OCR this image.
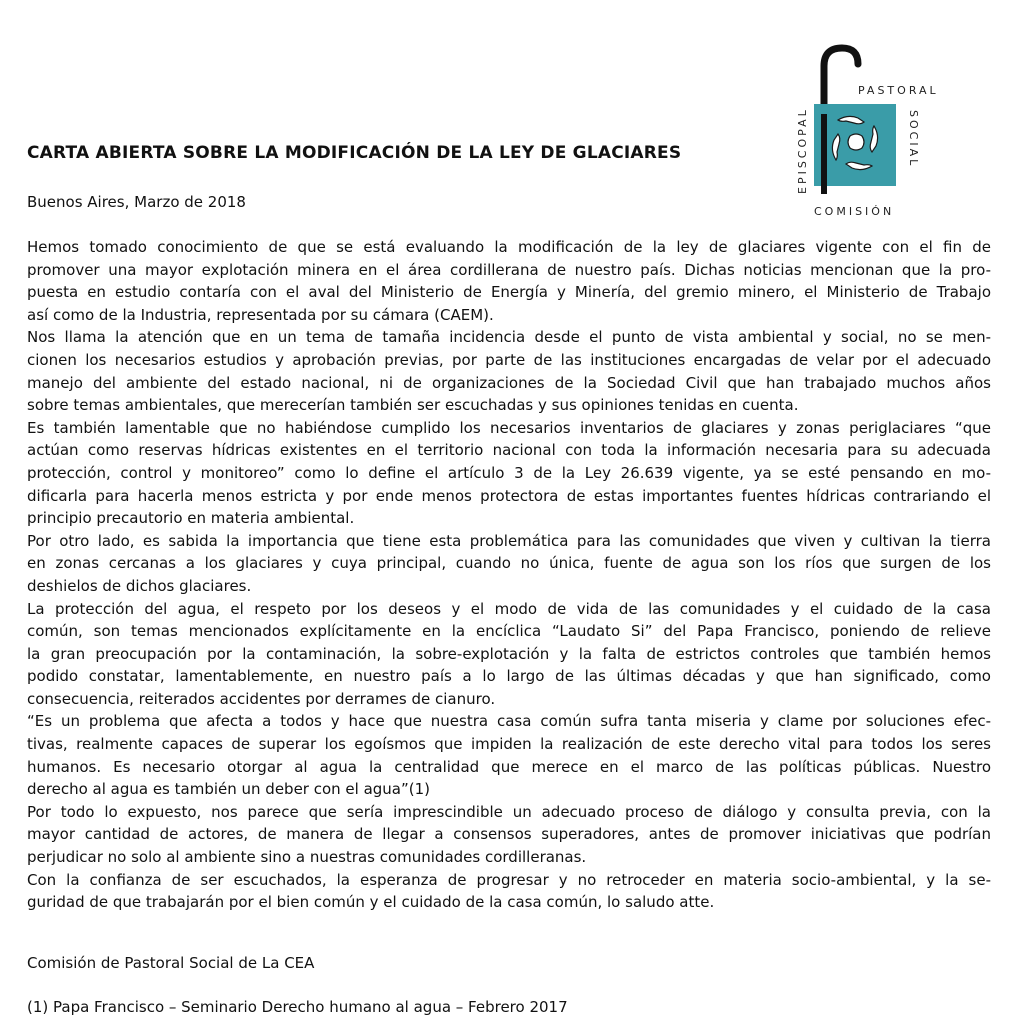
PASTORAL
EPISCOPAL	SOCIAL
COMISIÓN
CARTA ABIERTA SOBRE LA MODIFICACIÓN DE LA LEY DE GLACIARES
Buenos Aires, Marzo de 2018
Hemos tomado conocimiento de que se está evaluando la modificación de la ley de glaciares vigente con el fin de
promover una mayor explotación minera en el área cordillerana de nuestro país. Dichas noticias mencionan que la pro-
puesta en estudio contaría con el aval del Ministerio de Energía y Minería, del gremio minero, el Ministerio de Trabajo
así como de la Industria, representada por su cámara (CAEM).
Nos llama la atención que en un tema de tamaña incidencia desde el punto de vista ambiental y social, no se men-
cionen los necesarios estudios y aprobación previas, por parte de las instituciones encargadas de velar por el adecuado
manejo del ambiente del estado nacional, ni de organizaciones de la Sociedad Civil que han trabajado muchos años
sobre temas ambientales, que merecerían también ser escuchadas y sus opiniones tenidas en cuenta.
Es también lamentable que no habiéndose cumplido los necesarios inventarios de glaciares y zonas periglaciares “que
actúan como reservas hídricas existentes en el territorio nacional con toda la información necesaria para su adecuada
protección, control y monitoreo” como lo define el artículo 3 de la Ley 26.639 vigente, ya se esté pensando en mo-
dificarla para hacerla menos estricta y por ende menos protectora de estas importantes fuentes hídricas contrariando el
principio precautorio en materia ambiental.
Por otro lado, es sabida la importancia que tiene esta problemática para las comunidades que viven y cultivan la tierra
en zonas cercanas a los glaciares y cuya principal, cuando no única, fuente de agua son los ríos que surgen de los
deshielos de dichos glaciares.
La protección del agua, el respeto por los deseos y el modo de vida de las comunidades y el cuidado de la casa
común, son temas mencionados explícitamente en la encíclica “Laudato Si” del Papa Francisco, poniendo de relieve
la gran preocupación por la contaminación, la sobre-explotación y la falta de estrictos controles que también hemos
podido constatar, lamentablemente, en nuestro país a lo largo de las últimas décadas y que han significado, como
consecuencia, reiterados accidentes por derrames de cianuro.
“Es un problema que afecta a todos y hace que nuestra casa común sufra tanta miseria y clame por soluciones efec-
tivas, realmente capaces de superar los egoísmos que impiden la realización de este derecho vital para todos los seres
humanos. Es necesario otorgar al agua la centralidad que merece en el marco de las políticas públicas. Nuestro
derecho al agua es también un deber con el agua”(1)
Por todo lo expuesto, nos parece que sería imprescindible un adecuado proceso de diálogo y consulta previa, con la
mayor cantidad de actores, de manera de llegar a consensos superadores, antes de promover iniciativas que podrían
perjudicar no solo al ambiente sino a nuestras comunidades cordilleranas.
Con la confianza de ser escuchados, la esperanza de progresar y no retroceder en materia socio-ambiental, y la se-
guridad de que trabajarán por el bien común y el cuidado de la casa común, lo saludo atte.
Comisión de Pastoral Social de La CEA
(1) Papa Francisco – Seminario Derecho humano al agua – Febrero 2017
